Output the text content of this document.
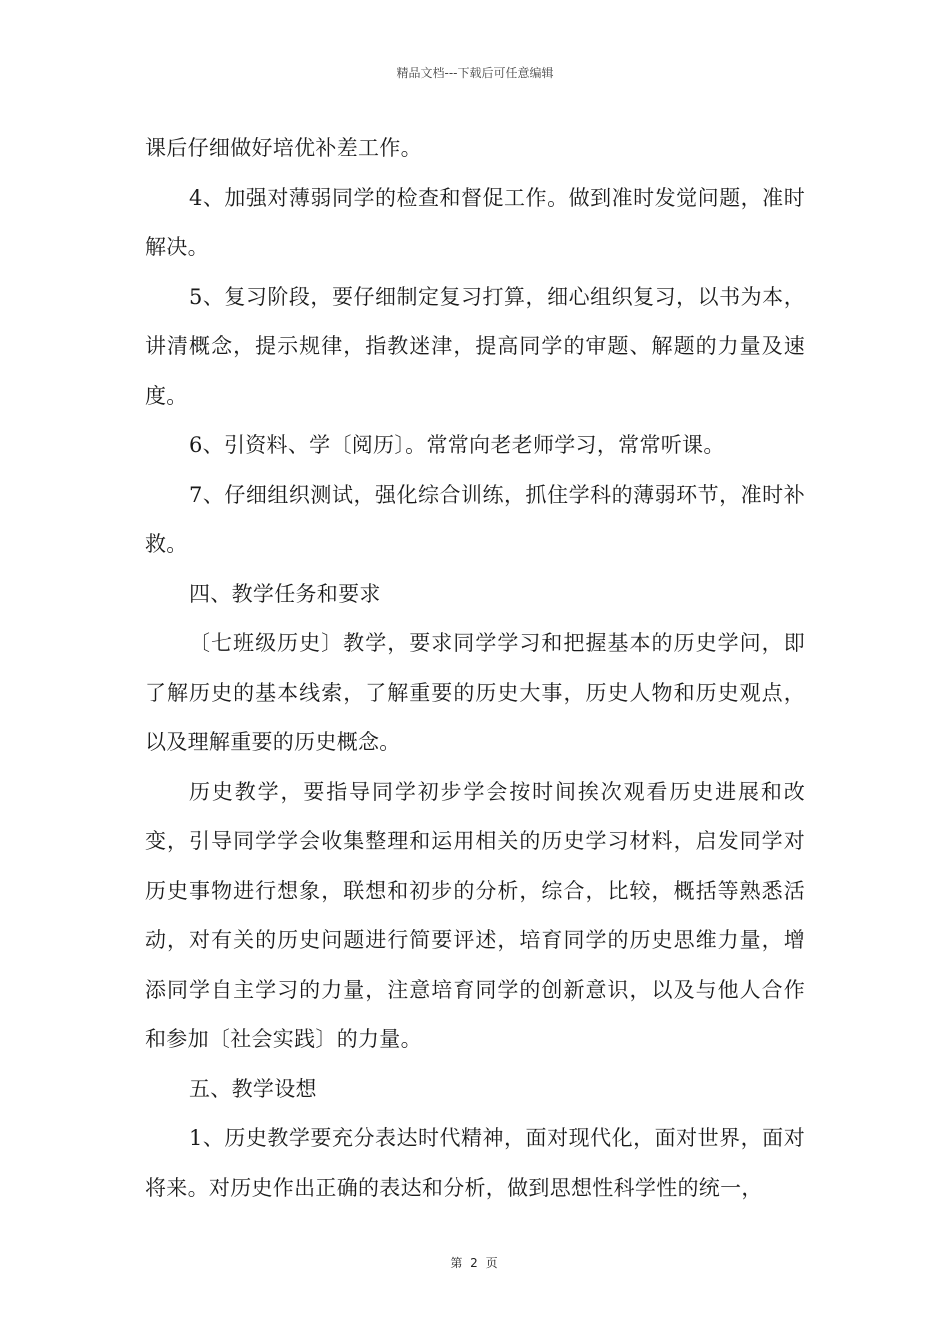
精品文档---下载后可任意编辑

课后仔细做好培优补差工作。

4、加强对薄弱同学的检查和督促工作。做到准时发觉问题，准时解决。

5、复习阶段，要仔细制定复习打算，细心组织复习，以书为本，讲清概念，提示规律，指教迷津，提高同学的审题、解题的力量及速度。

6、引资料、学〔阅历〕。常常向老老师学习，常常听课。

7、仔细组织测试，强化综合训练，抓住学科的薄弱环节，准时补救。

四、教学任务和要求

〔七班级历史〕教学，要求同学学习和把握基本的历史学问，即了解历史的基本线索，了解重要的历史大事，历史人物和历史观点，以及理解重要的历史概念。

历史教学，要指导同学初步学会按时间挨次观看历史进展和改变，引导同学学会收集整理和运用相关的历史学习材料，启发同学对历史事物进行想象，联想和初步的分析，综合，比较，概括等熟悉活动，对有关的历史问题进行简要评述，培育同学的历史思维力量，增添同学自主学习的力量，注意培育同学的创新意识，以及与他人合作和参加〔社会实践〕的力量。

五、教学设想

1、历史教学要充分表达时代精神，面对现代化，面对世界，面对将来。对历史作出正确的表达和分析，做到思想性科学性的统一，

第 2 页
